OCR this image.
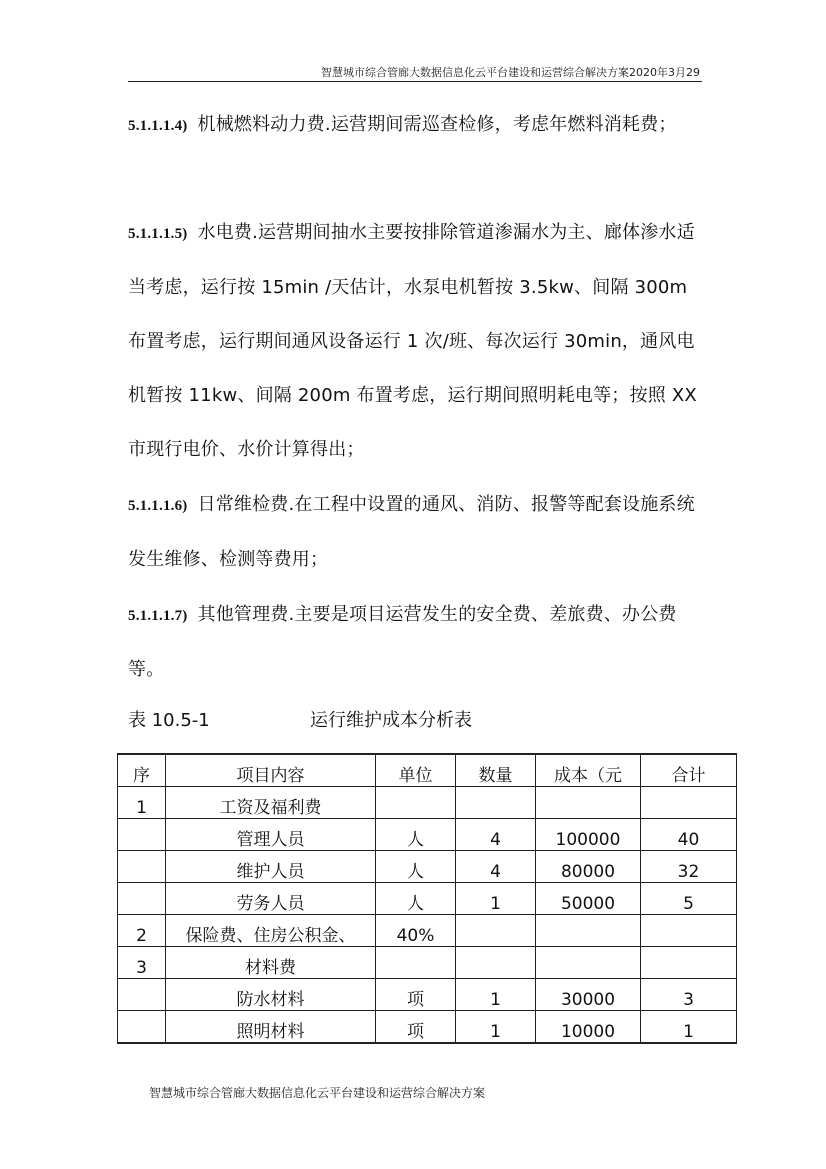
智慧城市综合管廊大数据信息化云平台建设和运营综合解决方案2020年3月29
5.1.1.1.4) 机械燃料动力费.运营期间需巡查检修，考虑年燃料消耗费；
5.1.1.1.5) 水电费.运营期间抽水主要按排除管道渗漏水为主、廊体渗水适当考虑，运行按 15min /天估计，水泵电机暂按 3.5kw、间隔 300m 布置考虑，运行期间通风设备运行 1 次/班、每次运行 30min，通风电机暂按 11kw、间隔 200m 布置考虑，运行期间照明耗电等；按照 XX 市现行电价、水价计算得出；
5.1.1.1.6) 日常维检费.在工程中设置的通风、消防、报警等配套设施系统发生维修、检测等费用；
5.1.1.1.7) 其他管理费.主要是项目运营发生的安全费、差旅费、办公费等。
表 10.5-1	运行维护成本分析表
序	项目内容	单位	数量	成本（元	合计
1	工资及福利费				
	管理人员	人	4	100000	40
	维护人员	人	4	80000	32
	劳务人员	人	1	50000	5
2	保险费、住房公积金、	40%			
3	材料费				
	防水材料	项	1	30000	3
	照明材料	项	1	10000	1
智慧城市综合管廊大数据信息化云平台建设和运营综合解决方案
